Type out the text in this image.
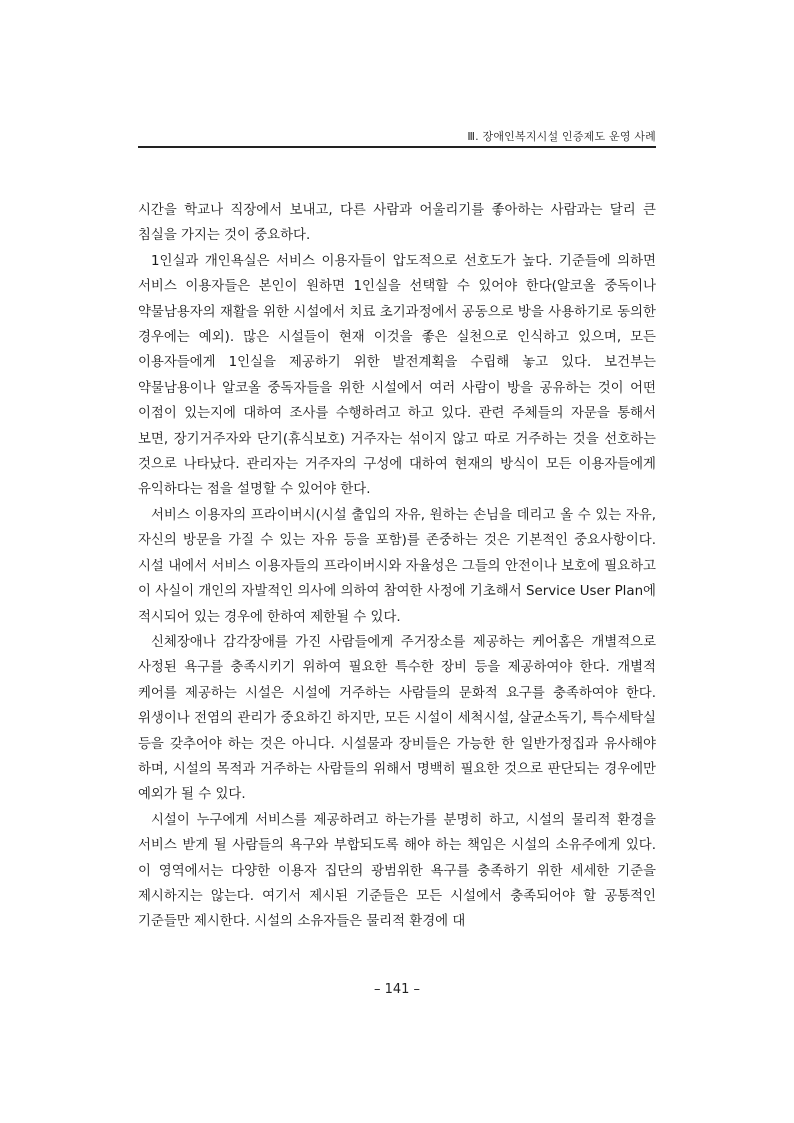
Ⅲ. 장애인복지시설 인증제도 운영 사례

시간을 학교나 직장에서 보내고, 다른 사람과 어울리기를 좋아하는 사람과는 달리 큰 침실을 가지는 것이 중요하다.

1인실과 개인욕실은 서비스 이용자들이 압도적으로 선호도가 높다. 기준들에 의하면 서비스 이용자들은 본인이 원하면 1인실을 선택할 수 있어야 한다(알코올 중독이나 약물남용자의 재활을 위한 시설에서 치료 초기과정에서 공동으로 방을 사용하기로 동의한 경우에는 예외). 많은 시설들이 현재 이것을 좋은 실천으로 인식하고 있으며, 모든 이용자들에게 1인실을 제공하기 위한 발전계획을 수립해 놓고 있다. 보건부는 약물남용이나 알코올 중독자들을 위한 시설에서 여러 사람이 방을 공유하는 것이 어떤 이점이 있는지에 대하여 조사를 수행하려고 하고 있다. 관련 주체들의 자문을 통해서 보면, 장기거주자와 단기(휴식보호) 거주자는 섞이지 않고 따로 거주하는 것을 선호하는 것으로 나타났다. 관리자는 거주자의 구성에 대하여 현재의 방식이 모든 이용자들에게 유익하다는 점을 설명할 수 있어야 한다.

서비스 이용자의 프라이버시(시설 출입의 자유, 원하는 손님을 데리고 올 수 있는 자유, 자신의 방문을 가질 수 있는 자유 등을 포함)를 존중하는 것은 기본적인 중요사항이다. 시설 내에서 서비스 이용자들의 프라이버시와 자율성은 그들의 안전이나 보호에 필요하고 이 사실이 개인의 자발적인 의사에 의하여 참여한 사정에 기초해서 Service User Plan에 적시되어 있는 경우에 한하여 제한될 수 있다.

신체장애나 감각장애를 가진 사람들에게 주거장소를 제공하는 케어홈은 개별적으로 사정된 욕구를 충족시키기 위하여 필요한 특수한 장비 등을 제공하여야 한다. 개별적 케어를 제공하는 시설은 시설에 거주하는 사람들의 문화적 요구를 충족하여야 한다. 위생이나 전염의 관리가 중요하긴 하지만, 모든 시설이 세척시설, 살균소독기, 특수세탁실 등을 갖추어야 하는 것은 아니다. 시설물과 장비들은 가능한 한 일반가정집과 유사해야 하며, 시설의 목적과 거주하는 사람들의 위해서 명백히 필요한 것으로 판단되는 경우에만 예외가 될 수 있다.

시설이 누구에게 서비스를 제공하려고 하는가를 분명히 하고, 시설의 물리적 환경을 서비스 받게 될 사람들의 욕구와 부합되도록 해야 하는 책임은 시설의 소유주에게 있다. 이 영역에서는 다양한 이용자 집단의 광범위한 욕구를 충족하기 위한 세세한 기준을 제시하지는 않는다. 여기서 제시된 기준들은 모든 시설에서 충족되어야 할 공통적인 기준들만 제시한다. 시설의 소유자들은 물리적 환경에 대

– 141 –
